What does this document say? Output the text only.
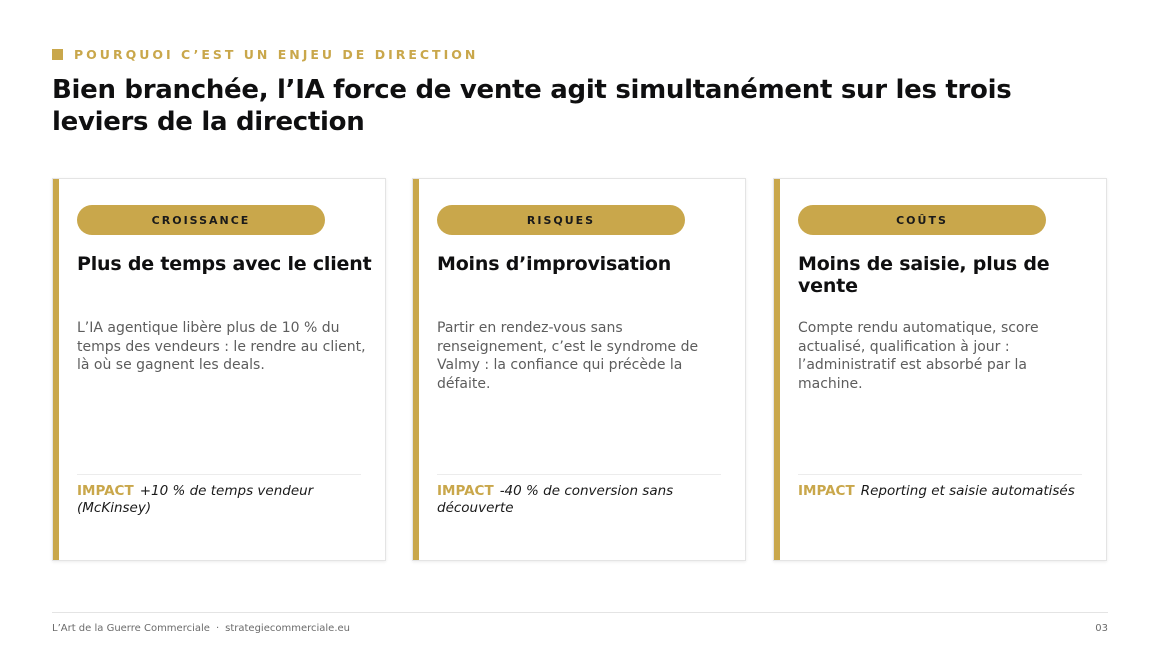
POURQUOI C’EST UN ENJEU DE DIRECTION
Bien branchée, l’IA force de vente agit simultanément sur les trois leviers de la direction
CROISSANCE
Plus de temps avec le client
L’IA agentique libère plus de 10 % du temps des vendeurs : le rendre au client, là où se gagnent les deals.
IMPACT +10 % de temps vendeur (McKinsey)
RISQUES
Moins d’improvisation
Partir en rendez-vous sans renseignement, c’est le syndrome de Valmy : la confiance qui précède la défaite.
IMPACT -40 % de conversion sans découverte
COÛTS
Moins de saisie, plus de vente
Compte rendu automatique, score actualisé, qualification à jour : l’administratif est absorbé par la machine.
IMPACT Reporting et saisie automatisés
L’Art de la Guerre Commerciale · strategiecommerciale.eu	03
